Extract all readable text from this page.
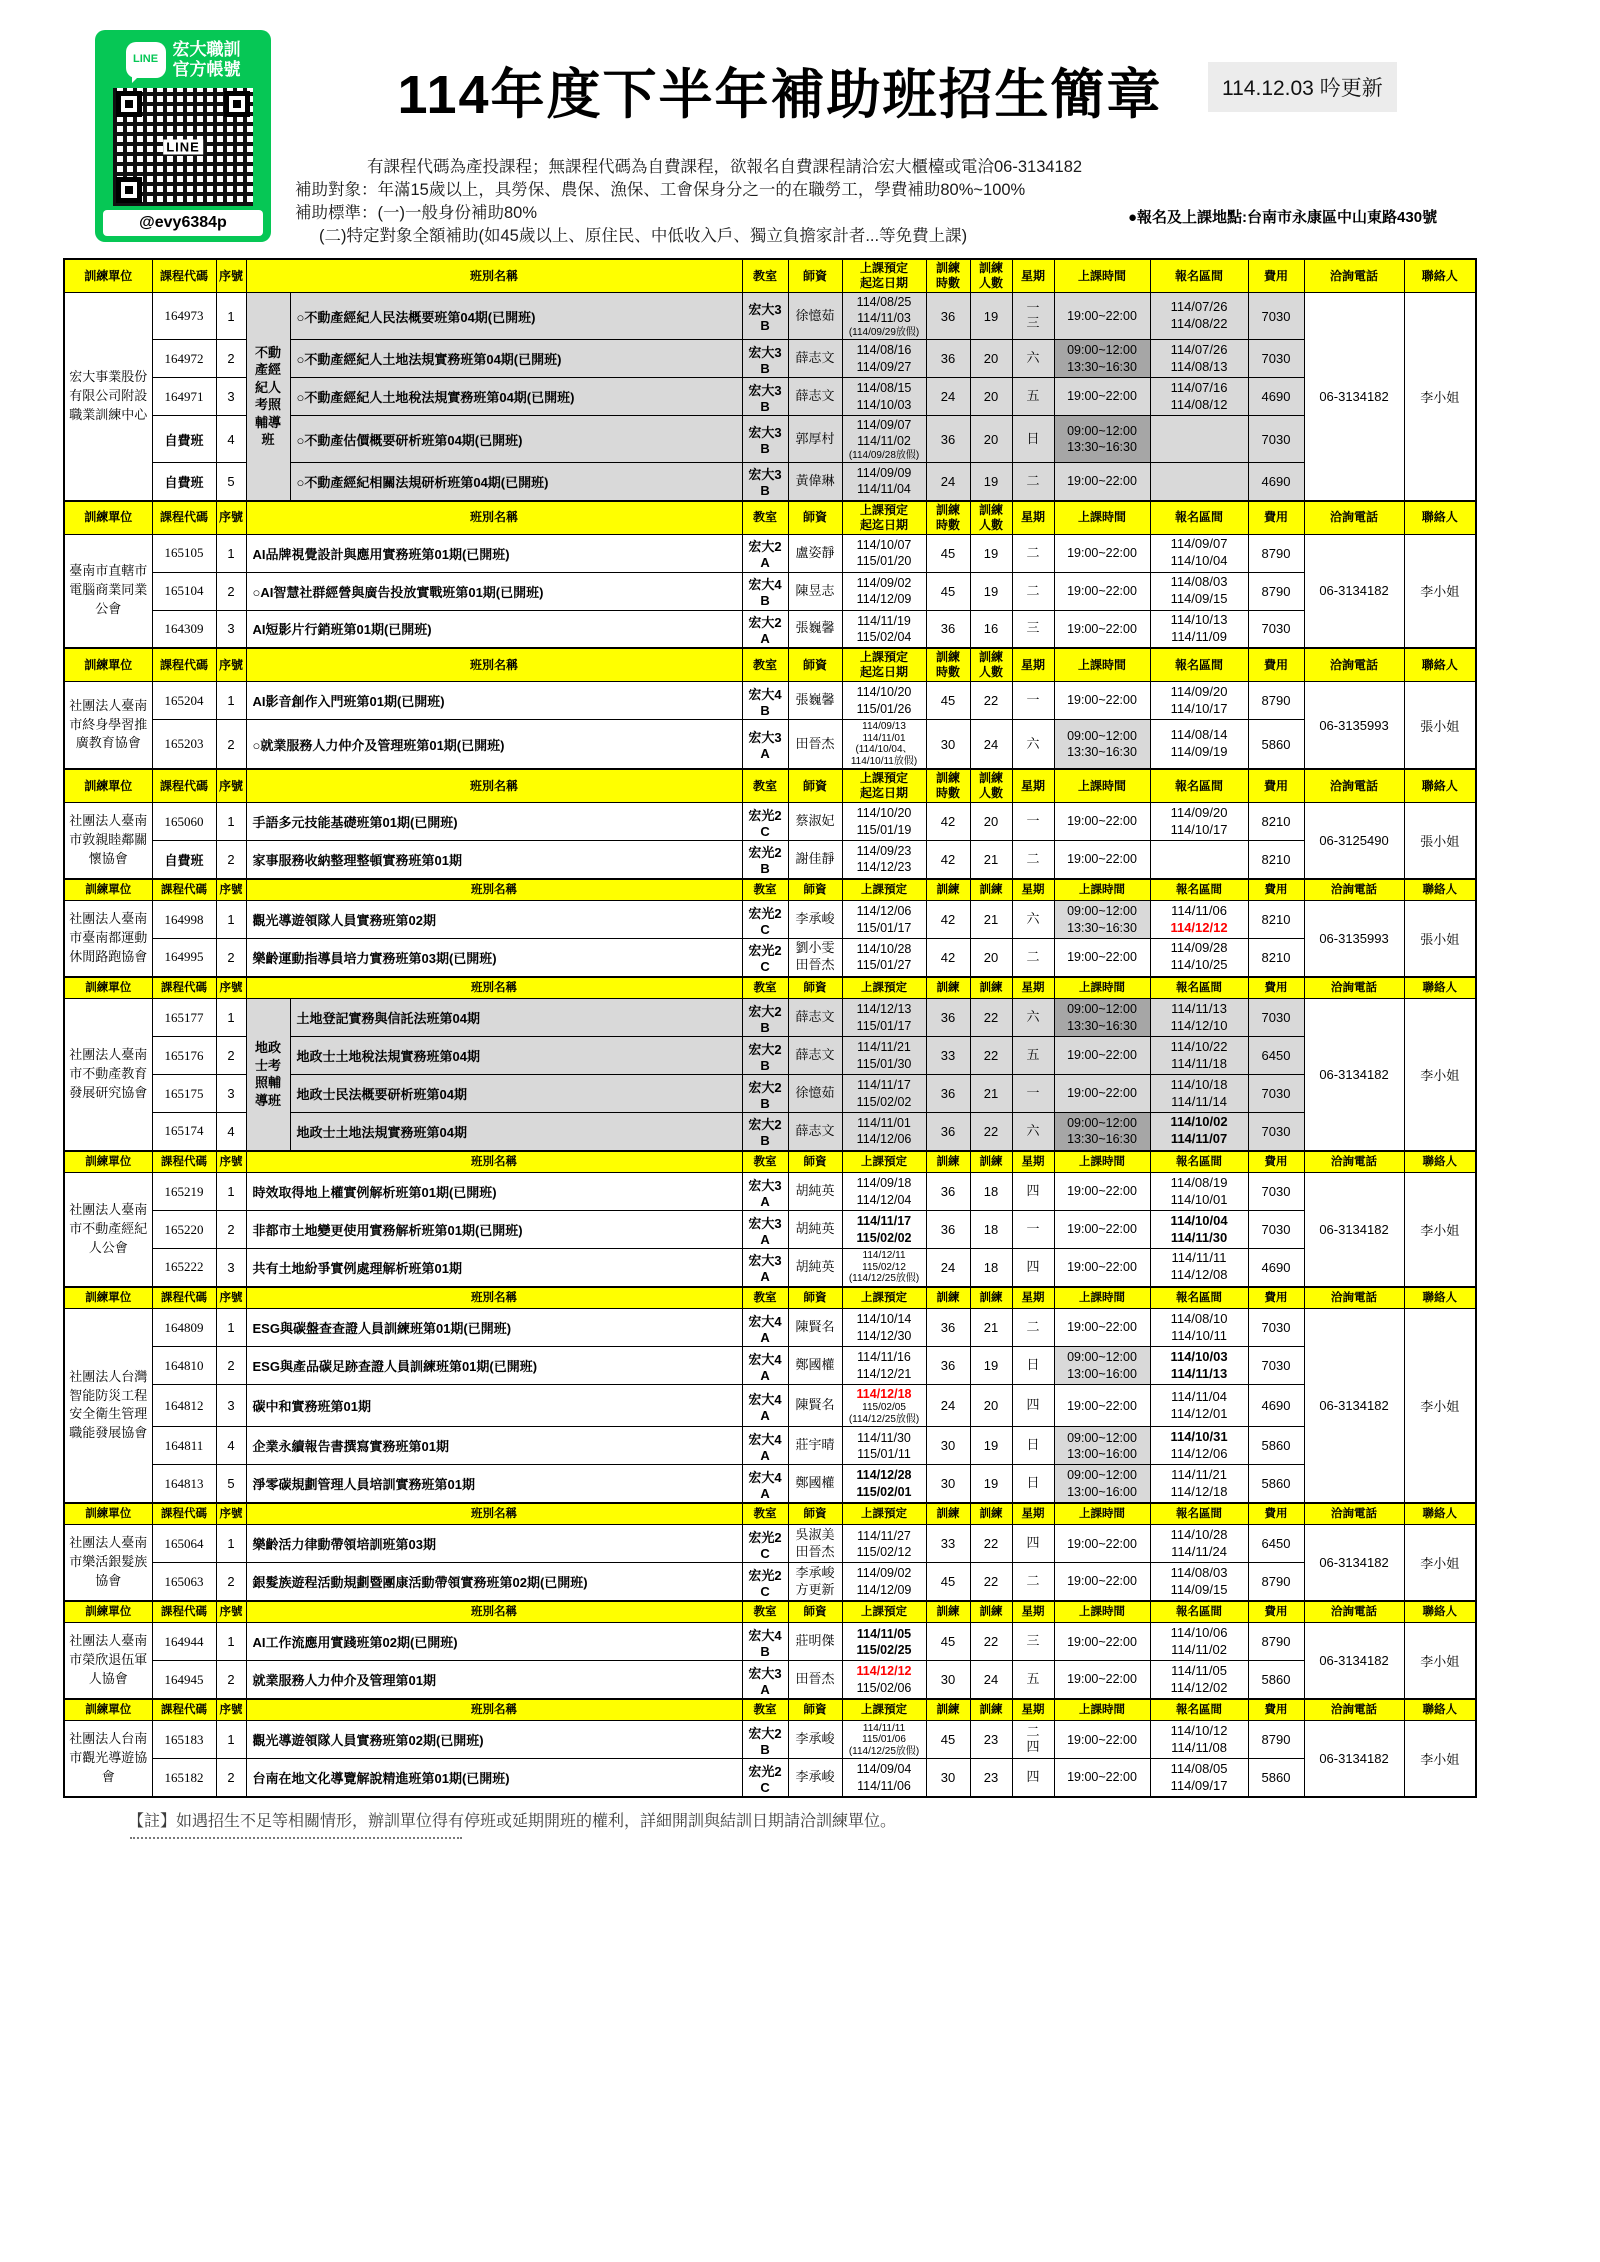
LINE
宏大職訓
官方帳號
LINE
@evy6384p
114年度下半年補助班招生簡章	114.12.03 吟更新
有課程代碼為產投課程；無課程代碼為自費課程，欲報名自費課程請洽宏大櫃檯或電洽06-3134182
補助對象：年滿15歲以上，具勞保、農保、漁保、工會保身分之一的在職勞工，學費補助80%~100%
補助標準：(一)一般身份補助80%
(二)特定對象全額補助(如45歲以上、原住民、中低收入戶、獨立負擔家計者...等免費上課)
●報名及上課地點:台南市永康區中山東路430號
訓練單位	課程代碼	序號	班別名稱		教室	師資	上課預定
起迄日期	訓練
時數	訓練
人數	星期	上課時間	報名區間	費用	洽詢電話	聯絡人
宏大事業股份有限公司附設職業訓練中心	164973	1	不動產經紀人考照輔導班	○不動產經紀人民法概要班第04期(已開班)	宏大3B	徐憶茹	114/08/25
114/11/03
(114/09/29放假)	36	19	一
三	19:00~22:00	114/07/26
114/08/22	7030	06-3134182	李小姐
	164972	2		○不動產經紀人土地法規實務班第04期(已開班)	宏大3B	薛志文	114/08/16
114/09/27	36	20	六	09:00~12:00
13:30~16:30	114/07/26
114/08/13	7030		
	164971	3		○不動產經紀人土地稅法規實務班第04期(已開班)	宏大3B	薛志文	114/08/15
114/10/03	24	20	五	19:00~22:00	114/07/16
114/08/12	4690		
	自費班	4		○不動產估價概要研析班第04期(已開班)	宏大3B	郭厚村	114/09/07
114/11/02
(114/09/28放假)	36	20	日	09:00~12:00
13:30~16:30		7030		
	自費班	5		○不動產經紀相關法規研析班第04期(已開班)	宏大3B	黃偉琳	114/09/09
114/11/04	24	19	二	19:00~22:00		4690		
訓練單位	課程代碼	序號	班別名稱		教室	師資	上課預定
起迄日期	訓練
時數	訓練
人數	星期	上課時間	報名區間	費用	洽詢電話	聯絡人
臺南市直轄市電腦商業同業公會	165105	1	AI品牌視覺設計與應用實務班第01期(已開班)		宏大2A	盧姿靜	114/10/07
115/01/20	45	19	二	19:00~22:00	114/09/07
114/10/04	8790	06-3134182	李小姐
	165104	2	○AI智慧社群經營與廣告投放實戰班第01期(已開班)		宏大4B	陳昱志	114/09/02
114/12/09	45	19	二	19:00~22:00	114/08/03
114/09/15	8790		
	164309	3	AI短影片行銷班第01期(已開班)		宏大2A	張巍馨	114/11/19
115/02/04	36	16	三	19:00~22:00	114/10/13
114/11/09	7030		
訓練單位	課程代碼	序號	班別名稱		教室	師資	上課預定
起迄日期	訓練
時數	訓練
人數	星期	上課時間	報名區間	費用	洽詢電話	聯絡人
社團法人臺南市終身學習推廣教育協會	165204	1	AI影音創作入門班第01期(已開班)		宏大4B	張巍馨	114/10/20
115/01/26	45	22	一	19:00~22:00	114/09/20
114/10/17	8790	06-3135993	張小姐
	165203	2	○就業服務人力仲介及管理班第01期(已開班)		宏大3A	田晉杰	114/09/13
114/11/01
(114/10/04、
114/10/11放假)	30	24	六	09:00~12:00
13:30~16:30	114/08/14
114/09/19	5860		
訓練單位	課程代碼	序號	班別名稱		教室	師資	上課預定
起迄日期	訓練
時數	訓練
人數	星期	上課時間	報名區間	費用	洽詢電話	聯絡人
社團法人臺南市敦親睦鄰關懷協會	165060	1	手語多元技能基礎班第01期(已開班)		宏光2C	蔡淑妃	114/10/20
115/01/19	42	20	一	19:00~22:00	114/09/20
114/10/17	8210	06-3125490	張小姐
	自費班	2	家事服務收納整理整頓實務班第01期		宏光2B	謝佳靜	114/09/23
114/12/23	42	21	二	19:00~22:00		8210		
訓練單位	課程代碼	序號	班別名稱		教室	師資	上課預定	訓練	訓練	星期	上課時間	報名區間	費用	洽詢電話	聯絡人
社團法人臺南市臺南都運動休閒路跑協會	164998	1	觀光導遊領隊人員實務班第02期		宏光2C	李承峻	114/12/06
115/01/17	42	21	六	09:00~12:00
13:30~16:30	114/11/06
114/12/12	8210	06-3135993	張小姐
	164995	2	樂齡運動指導員培力實務班第03期(已開班)		宏光2C	劉小雯
田晉杰	114/10/28
115/01/27	42	20	二	19:00~22:00	114/09/28
114/10/25	8210		
訓練單位	課程代碼	序號	班別名稱		教室	師資	上課預定	訓練	訓練	星期	上課時間	報名區間	費用	洽詢電話	聯絡人
社團法人臺南市不動產教育發展研究協會	165177	1	地政士考照輔導班	土地登記實務與信託法班第04期	宏大2B	薛志文	114/12/13
115/01/17	36	22	六	09:00~12:00
13:30~16:30	114/11/13
114/12/10	7030	06-3134182	李小姐
	165176	2		地政士土地稅法規實務班第04期	宏大2B	薛志文	114/11/21
115/01/30	33	22	五	19:00~22:00	114/10/22
114/11/18	6450		
	165175	3		地政士民法概要研析班第04期	宏大2B	徐憶茹	114/11/17
115/02/02	36	21	一	19:00~22:00	114/10/18
114/11/14	7030		
	165174	4		地政士土地法規實務班第04期	宏大2B	薛志文	114/11/01
114/12/06	36	22	六	09:00~12:00
13:30~16:30	114/10/02
114/11/07	7030		
訓練單位	課程代碼	序號	班別名稱		教室	師資	上課預定	訓練	訓練	星期	上課時間	報名區間	費用	洽詢電話	聯絡人
社團法人臺南市不動產經紀人公會	165219	1	時效取得地上權實例解析班第01期(已開班)		宏大3A	胡純英	114/09/18
114/12/04	36	18	四	19:00~22:00	114/08/19
114/10/01	7030	06-3134182	李小姐
	165220	2	非都市土地變更使用實務解析班第01期(已開班)		宏大3A	胡純英	114/11/17
115/02/02	36	18	一	19:00~22:00	114/10/04
114/11/30	7030		
	165222	3	共有土地紛爭實例處理解析班第01期		宏大3A	胡純英	114/12/11
115/02/12
(114/12/25放假)	24	18	四	19:00~22:00	114/11/11
114/12/08	4690		
訓練單位	課程代碼	序號	班別名稱		教室	師資	上課預定	訓練	訓練	星期	上課時間	報名區間	費用	洽詢電話	聯絡人
社團法人台灣智能防災工程安全衛生管理職能發展協會	164809	1	ESG與碳盤查查證人員訓練班第01期(已開班)		宏大4A	陳賢名	114/10/14
114/12/30	36	21	二	19:00~22:00	114/08/10
114/10/11	7030	06-3134182	李小姐
	164810	2	ESG與產品碳足跡查證人員訓練班第01期(已開班)		宏大4A	鄭國權	114/11/16
114/12/21	36	19	日	09:00~12:00
13:00~16:00	114/10/03
114/11/13	7030		
	164812	3	碳中和實務班第01期		宏大4A	陳賢名	114/12/18
115/02/05
(114/12/25放假)	24	20	四	19:00~22:00	114/11/04
114/12/01	4690		
	164811	4	企業永續報告書撰寫實務班第01期		宏大4A	莊宇晴	114/11/30
115/01/11	30	19	日	09:00~12:00
13:00~16:00	114/10/31
114/12/06	5860		
	164813	5	淨零碳規劃管理人員培訓實務班第01期		宏大4A	鄭國權	114/12/28
115/02/01	30	19	日	09:00~12:00
13:00~16:00	114/11/21
114/12/18	5860		
訓練單位	課程代碼	序號	班別名稱		教室	師資	上課預定	訓練	訓練	星期	上課時間	報名區間	費用	洽詢電話	聯絡人
社團法人臺南市樂活銀髮族協會	165064	1	樂齡活力律動帶領培訓班第03期		宏光2C	吳淑美
田晉杰	114/11/27
115/02/12	33	22	四	19:00~22:00	114/10/28
114/11/24	6450	06-3134182	李小姐
	165063	2	銀髮族遊程活動規劃暨團康活動帶領實務班第02期(已開班)		宏光2C	李承峻
方更新	114/09/02
114/12/09	45	22	二	19:00~22:00	114/08/03
114/09/15	8790		
訓練單位	課程代碼	序號	班別名稱		教室	師資	上課預定	訓練	訓練	星期	上課時間	報名區間	費用	洽詢電話	聯絡人
社團法人臺南市榮欣退伍軍人協會	164944	1	AI工作流應用實踐班第02期(已開班)		宏大4B	莊明傑	114/11/05
115/02/25	45	22	三	19:00~22:00	114/10/06
114/11/02	8790	06-3134182	李小姐
	164945	2	就業服務人力仲介及管理第01期		宏大3A	田晉杰	114/12/12
115/02/06	30	24	五	19:00~22:00	114/11/05
114/12/02	5860		
訓練單位	課程代碼	序號	班別名稱		教室	師資	上課預定	訓練	訓練	星期	上課時間	報名區間	費用	洽詢電話	聯絡人
社團法人台南市觀光導遊協會	165183	1	觀光導遊領隊人員實務班第02期(已開班)		宏大2B	李承峻	114/11/11
115/01/06
(114/12/25放假)	45	23	二
四	19:00~22:00	114/10/12
114/11/08	8790	06-3134182	李小姐
	165182	2	台南在地文化導覽解說精進班第01期(已開班)		宏光2C	李承峻	114/09/04
114/11/06	30	23	四	19:00~22:00	114/08/05
114/09/17	5860		
【註】如遇招生不足等相關情形，辦訓單位得有停班或延期開班的權利，詳細開訓與結訓日期請洽訓練單位。
